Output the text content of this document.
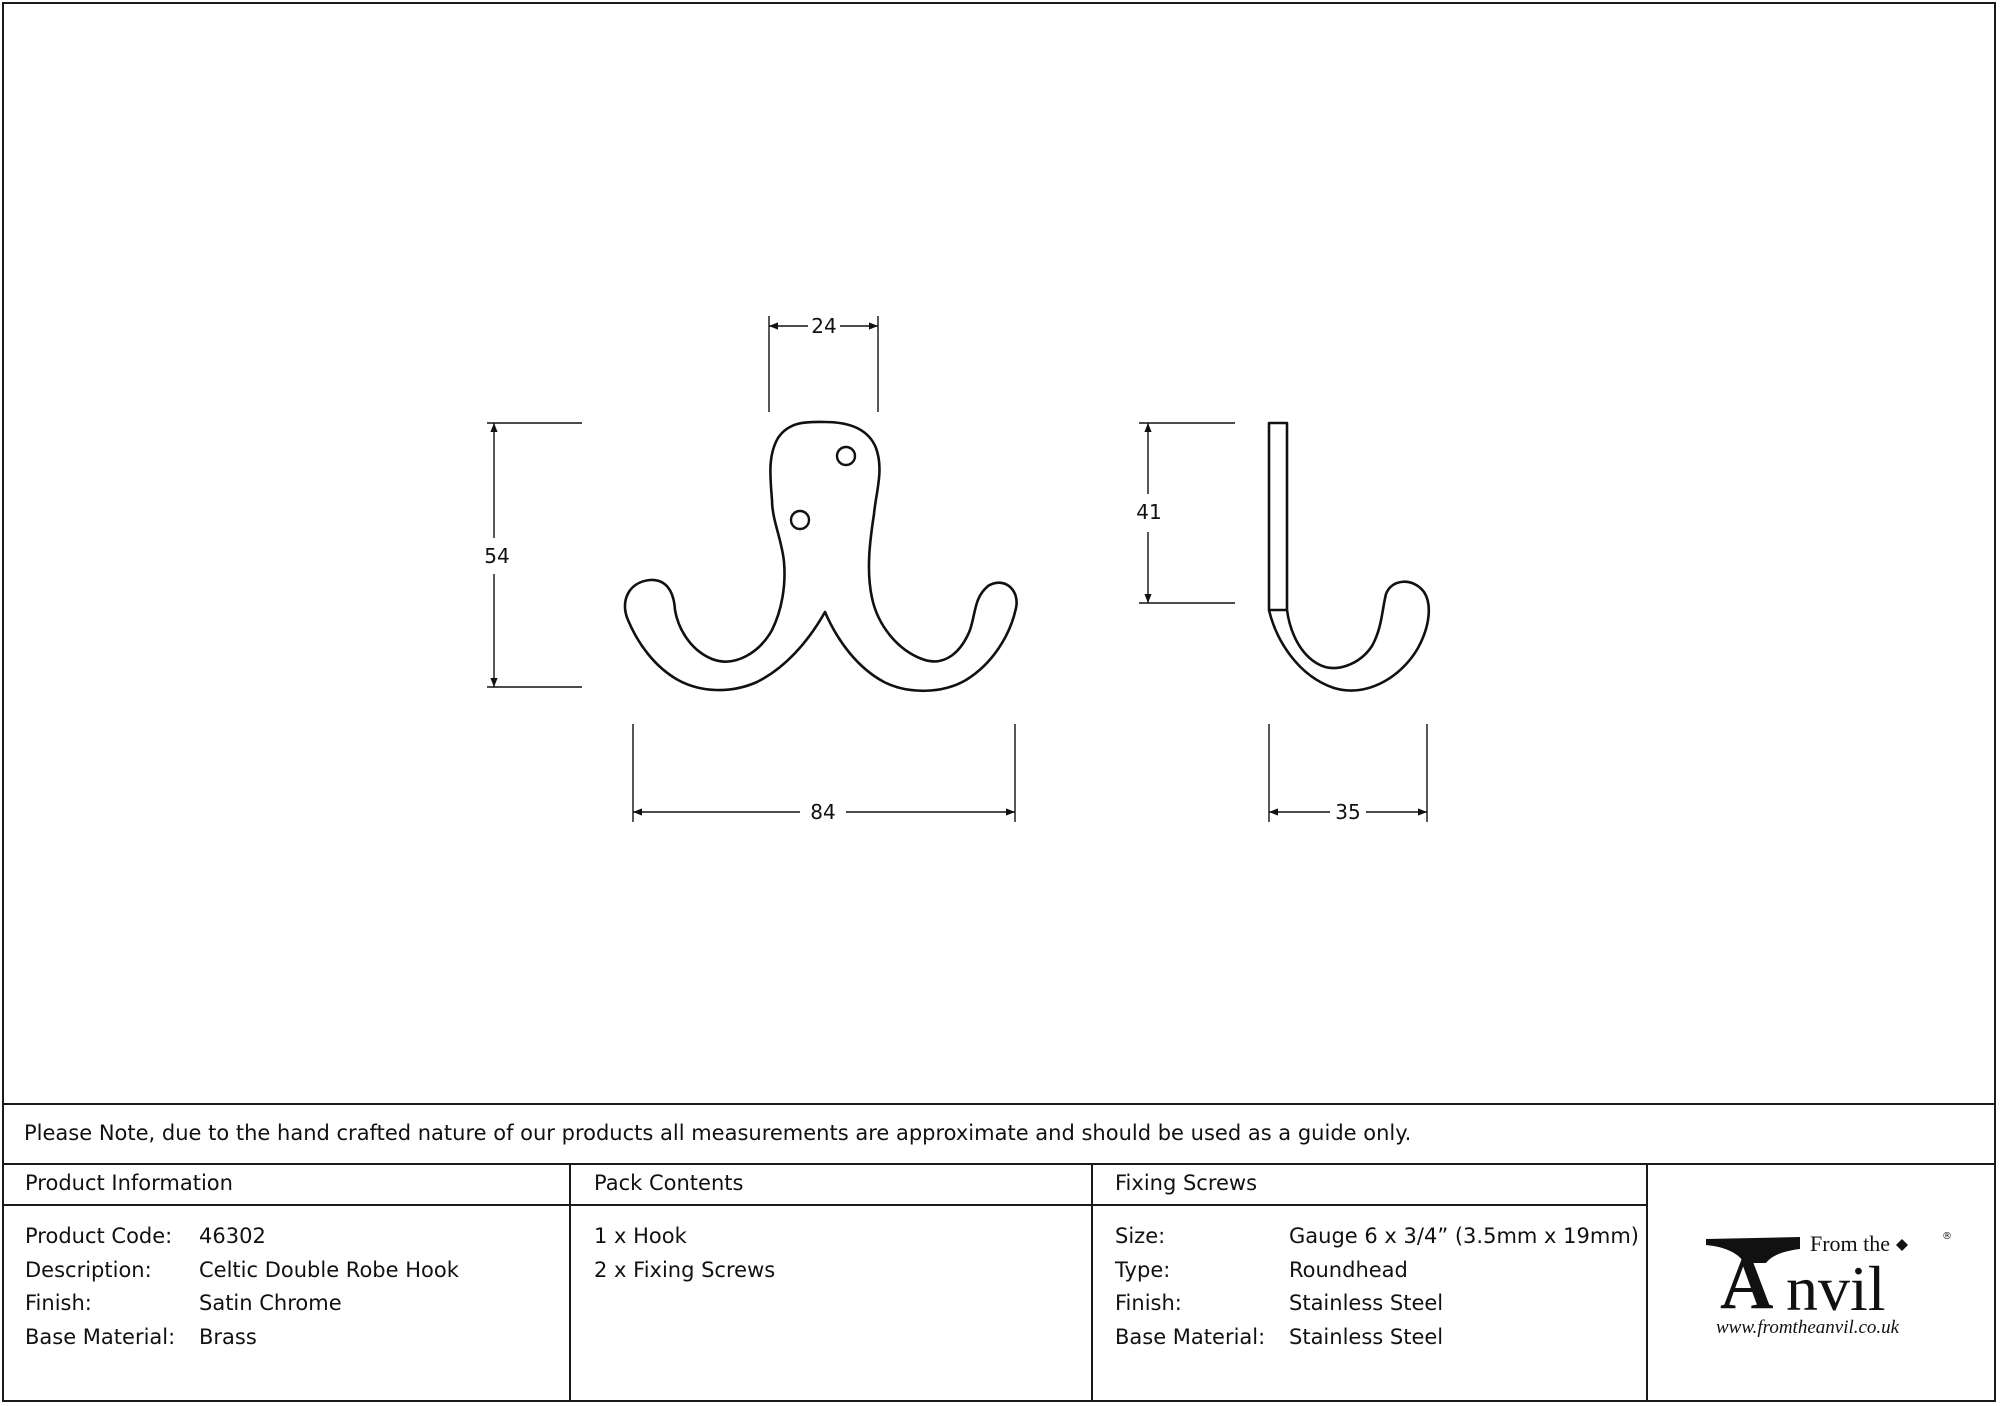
24
54
84
41
35
Please Note, due to the hand crafted nature of our products all measurements are approximate and should be used as a guide only.
Product Information	Pack Contents	Fixing Screws
Product Code:	46302
Description:	Celtic Double Robe Hook
Finish:	Satin Chrome
Base Material:	Brass
1 x Hook
2 x Fixing Screws
Size:	Gauge 6 x 3/4” (3.5mm x 19mm)
Type:	Roundhead
Finish:	Stainless Steel
Base Material:	Stainless Steel
From the	®
A nvil
www.fromtheanvil.co.uk
